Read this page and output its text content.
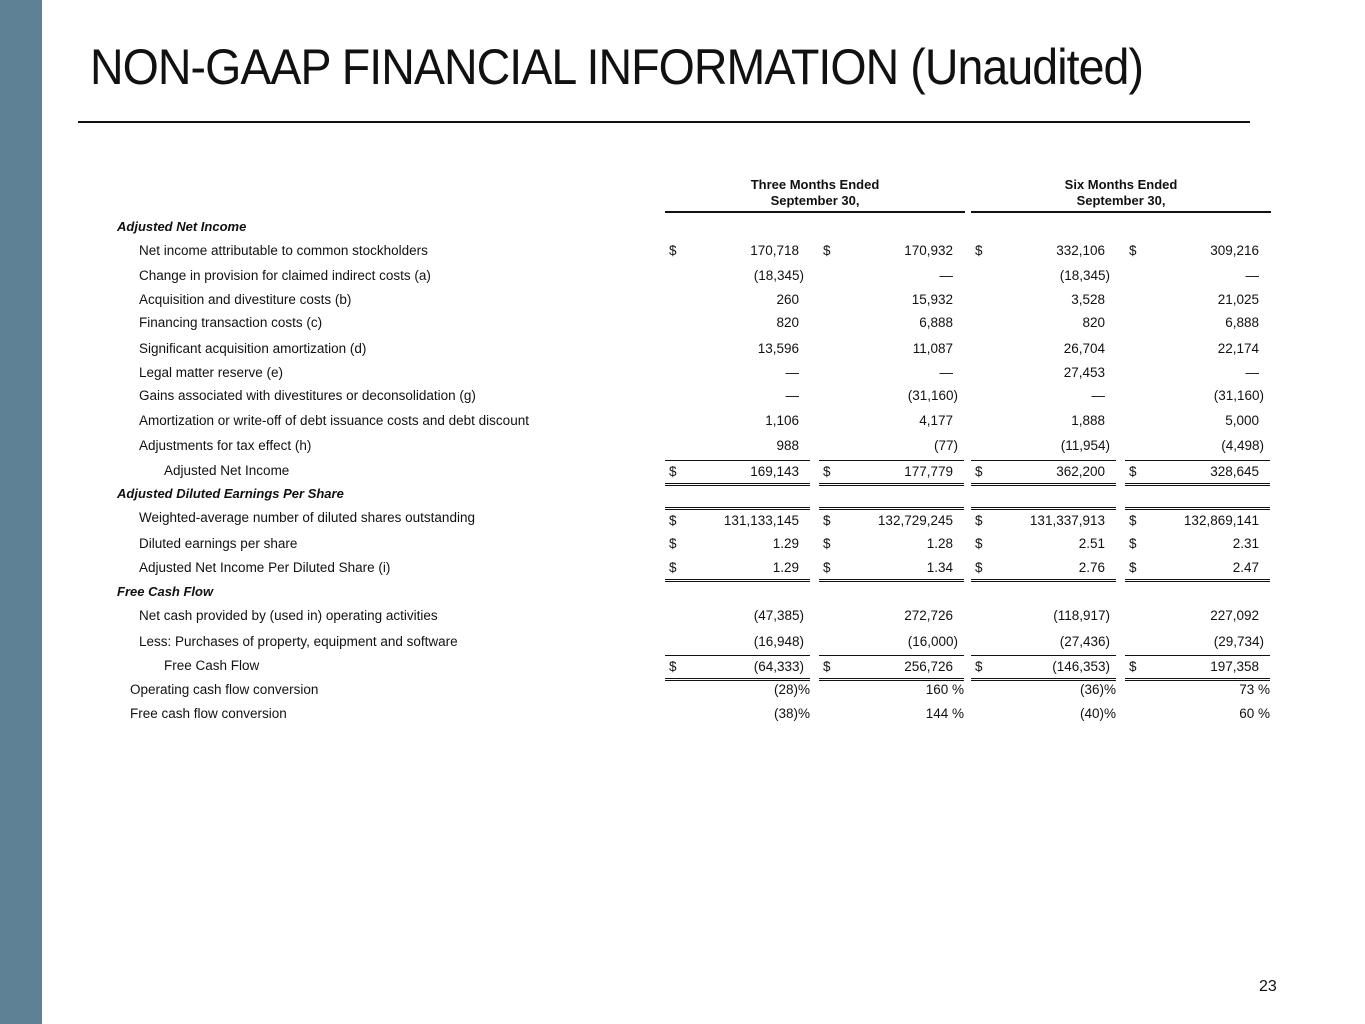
NON-GAAP FINANCIAL INFORMATION (Unaudited)
Three Months Ended
September 30,
Six Months Ended
September 30,
Adjusted Net Income
Adjusted Diluted Earnings Per Share
Free Cash Flow
Net income attributable to common stockholders	$	170,718 $	170,932 $	332,106 $	309,216
Change in provision for claimed indirect costs (a)	(18,345)	—	(18,345)	—
Acquisition and divestiture costs (b)	260	15,932	3,528	21,025
Financing transaction costs (c)	820	6,888	820	6,888
Significant acquisition amortization (d)	13,596	11,087	26,704	22,174
Legal matter reserve (e)	—	—	27,453	—
Gains associated with divestitures or deconsolidation (g)	—	(31,160)	—	(31,160)
Amortization or write-off of debt issuance costs and debt discount	1,106	4,177	1,888	5,000
Adjustments for tax effect (h)	988	(77)	(11,954)	(4,498)
Adjusted Net Income	$	169,143 $	177,779 $	362,200 $	328,645
Weighted-average number of diluted shares outstanding	$	131,133,145 $	132,729,245 $	131,337,913 $	132,869,141
Diluted earnings per share	$	1.29 $	1.28 $	2.51 $	2.31
Adjusted Net Income Per Diluted Share (i)	$	1.29 $	1.34 $	2.76 $	2.47
Net cash provided by (used in) operating activities	(47,385)	272,726	(118,917)	227,092
Less: Purchases of property, equipment and software	(16,948)	(16,000)	(27,436)	(29,734)
Free Cash Flow	$	(64,333) $	256,726 $	(146,353) $	197,358
Operating cash flow conversion	(28)%	160 %	(36)%	73 %
Free cash flow conversion	(38)%	144 %	(40)%	60 %
23
